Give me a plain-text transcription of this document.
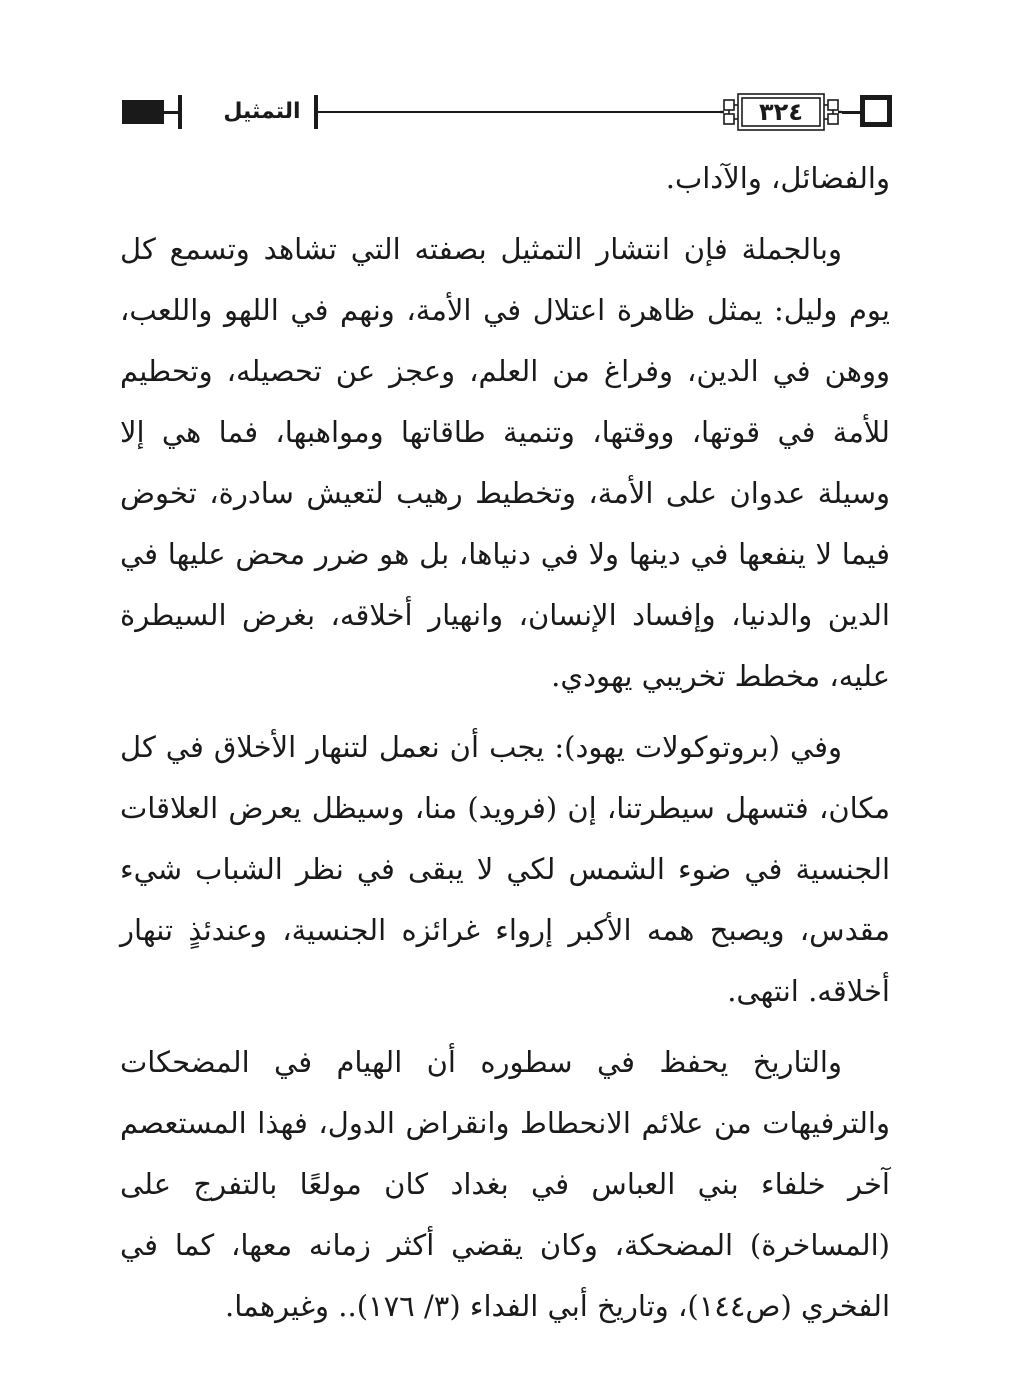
التمثيل	٣٢٤

والفضائل، والآداب.

وبالجملة فإن انتشار التمثيل بصفته التي تشاهد وتسمع كل يوم وليل: يمثل ظاهرة اعتلال في الأمة، ونهم في اللهو واللعب، ووهن في الدين، وفراغ من العلم، وعجز عن تحصيله، وتحطيم للأمة في قوتها، ووقتها، وتنمية طاقاتها ومواهبها، فما هي إلا وسيلة عدوان على الأمة، وتخطيط رهيب لتعيش سادرة، تخوض فيما لا ينفعها في دينها ولا في دنياها، بل هو ضرر محض عليها في الدين والدنيا، وإفساد الإنسان، وانهيار أخلاقه، بغرض السيطرة عليه، مخطط تخريبي يهودي.

وفي (بروتوكولات يهود): يجب أن نعمل لتنهار الأخلاق في كل مكان، فتسهل سيطرتنا، إن (فرويد) منا، وسيظل يعرض العلاقات الجنسية في ضوء الشمس لكي لا يبقى في نظر الشباب شيء مقدس، ويصبح همه الأكبر إرواء غرائزه الجنسية، وعندئذٍ تنهار أخلاقه. انتهى.

والتاريخ يحفظ في سطوره أن الهيام في المضحكات والترفيهات من علائم الانحطاط وانقراض الدول، فهذا المستعصم آخر خلفاء بني العباس في بغداد كان مولعًا بالتفرج على (المساخرة) المضحكة، وكان يقضي أكثر زمانه معها، كما في الفخري (ص١٤٤)، وتاريخ أبي الفداء (٣/ ١٧٦).. وغيرهما.
